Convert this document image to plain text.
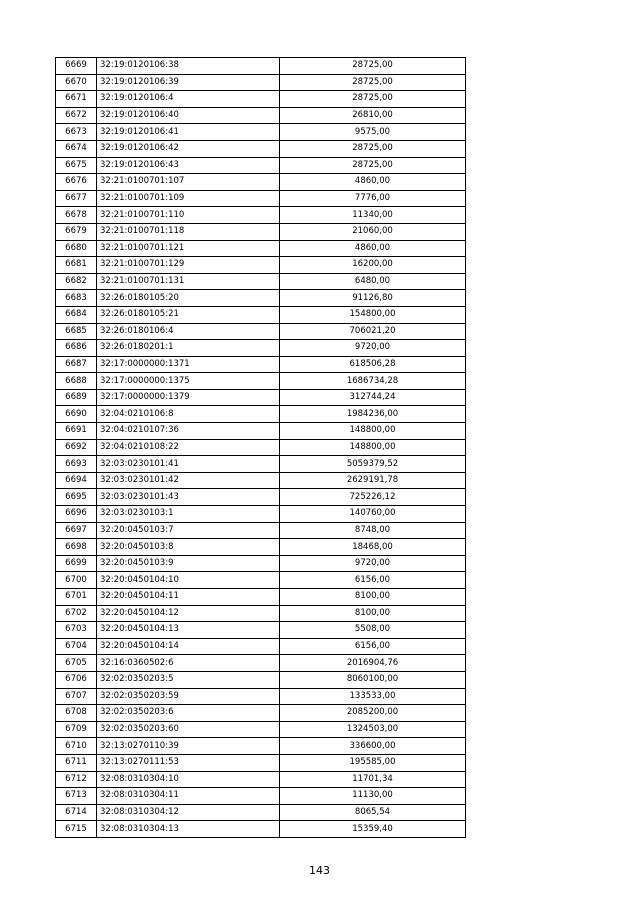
6669	32:19:0120106:38	28725,00
6670	32:19:0120106:39	28725,00
6671	32:19:0120106:4	28725,00
6672	32:19:0120106:40	26810,00
6673	32:19:0120106:41	9575,00
6674	32:19:0120106:42	28725,00
6675	32:19:0120106:43	28725,00
6676	32:21:0100701:107	4860,00
6677	32:21:0100701:109	7776,00
6678	32:21:0100701:110	11340,00
6679	32:21:0100701:118	21060,00
6680	32:21:0100701:121	4860,00
6681	32:21:0100701:129	16200,00
6682	32:21:0100701:131	6480,00
6683	32:26:0180105:20	91126,80
6684	32:26:0180105:21	154800,00
6685	32:26:0180106:4	706021,20
6686	32:26:0180201:1	9720,00
6687	32:17:0000000:1371	618506,28
6688	32:17:0000000:1375	1686734,28
6689	32:17:0000000:1379	312744,24
6690	32:04:0210106:8	1984236,00
6691	32:04:0210107:36	148800,00
6692	32:04:0210108:22	148800,00
6693	32:03:0230101:41	5059379,52
6694	32:03:0230101:42	2629191,78
6695	32:03:0230101:43	725226,12
6696	32:03:0230103:1	140760,00
6697	32:20:0450103:7	8748,00
6698	32:20:0450103:8	18468,00
6699	32:20:0450103:9	9720,00
6700	32:20:0450104:10	6156,00
6701	32:20:0450104:11	8100,00
6702	32:20:0450104:12	8100,00
6703	32:20:0450104:13	5508,00
6704	32:20:0450104:14	6156,00
6705	32:16:0360502:6	2016904,76
6706	32:02:0350203:5	8060100,00
6707	32:02:0350203:59	133533,00
6708	32:02:0350203:6	2085200,00
6709	32:02:0350203:60	1324503,00
6710	32:13:0270110:39	336600,00
6711	32:13:0270111:53	195585,00
6712	32:08:0310304:10	11701,34
6713	32:08:0310304:11	11130,00
6714	32:08:0310304:12	8065,54
6715	32:08:0310304:13	15359,40
143
